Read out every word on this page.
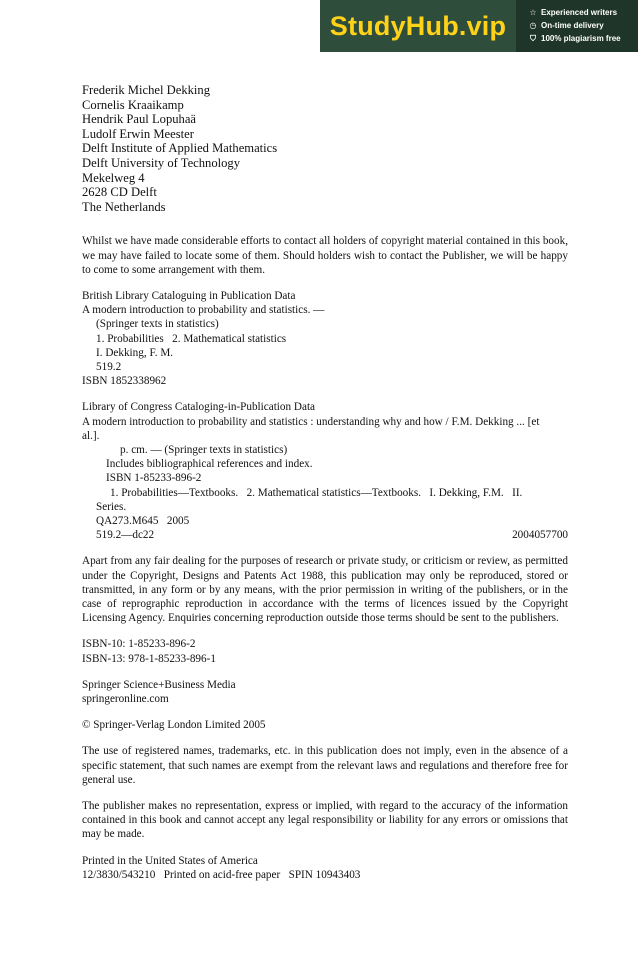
StudyHub.vip	☆ Experienced writers
◷ On-time delivery
⛉ 100% plagiarism free
Frederik Michel Dekking
Cornelis Kraaikamp
Hendrik Paul Lopuhaä
Ludolf Erwin Meester
Delft Institute of Applied Mathematics
Delft University of Technology
Mekelweg 4
2628 CD Delft
The Netherlands

Whilst we have made considerable efforts to contact all holders of copyright material contained in this book, we may have failed to locate some of them. Should holders wish to contact the Publisher, we will be happy to come to some arrangement with them.

British Library Cataloguing in Publication Data
A modern introduction to probability and statistics. —
(Springer texts in statistics)
1. Probabilities   2. Mathematical statistics
I. Dekking, F. M.
519.2
ISBN 1852338962
Library of Congress Cataloging-in-Publication Data
A modern introduction to probability and statistics : understanding why and how / F.M. Dekking ... [et
al.].
p. cm. — (Springer texts in statistics)
Includes bibliographical references and index.
ISBN 1-85233-896-2
1. Probabilities—Textbooks.   2. Mathematical statistics—Textbooks.   I. Dekking, F.M.   II.
Series.
QA273.M645   2005
519.2—dc22	2004057700

Apart from any fair dealing for the purposes of research or private study, or criticism or review, as permitted under the Copyright, Designs and Patents Act 1988, this publication may only be reproduced, stored or transmitted, in any form or by any means, with the prior permission in writing of the publishers, or in the case of reprographic reproduction in accordance with the terms of licences issued by the Copyright Licensing Agency. Enquiries concerning reproduction outside those terms should be sent to the publishers.

ISBN-10: 1-85233-896-2
ISBN-13: 978-1-85233-896-1
Springer Science+Business Media
springeronline.com
© Springer-Verlag London Limited 2005

The use of registered names, trademarks, etc. in this publication does not imply, even in the absence of a specific statement, that such names are exempt from the relevant laws and regulations and therefore free for general use.

The publisher makes no representation, express or implied, with regard to the accuracy of the information contained in this book and cannot accept any legal responsibility or liability for any errors or omissions that may be made.

Printed in the United States of America
12/3830/543210   Printed on acid-free paper   SPIN 10943403
